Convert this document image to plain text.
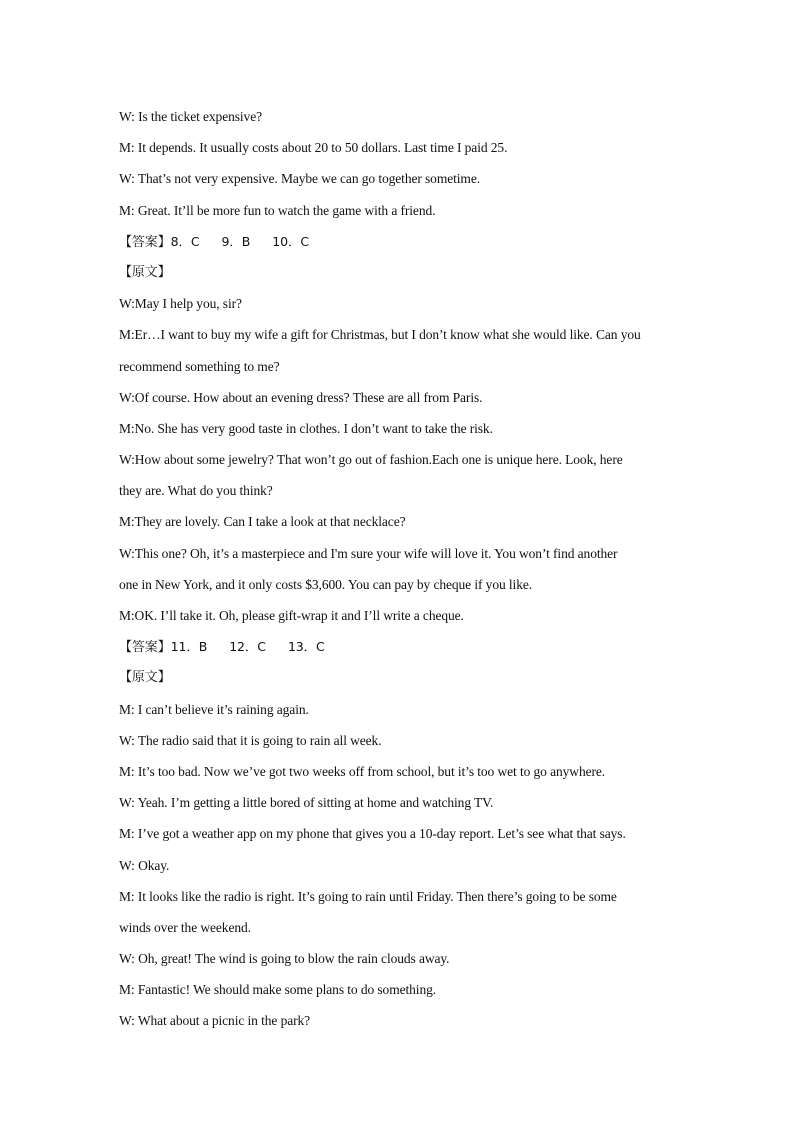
W: Is the ticket expensive?
M: It depends. It usually costs about 20 to 50 dollars. Last time I paid 25.
W: That’s not very expensive. Maybe we can go together sometime.
M: Great. It’ll be more fun to watch the game with a friend.
【答案】8．C 9．B 10．C
【原文】
W:May I help you, sir?
M:Er…I want to buy my wife a gift for Christmas, but I don’t know what she would like. Can you
recommend something to me?
W:Of course. How about an evening dress? These are all from Paris.
M:No. She has very good taste in clothes. I don’t want to take the risk.
W:How about some jewelry? That won’t go out of fashion.Each one is unique here. Look, here
they are. What do you think?
M:They are lovely. Can I take a look at that necklace?
W:This one? Oh, it’s a masterpiece and I'm sure your wife will love it. You won’t find another
one in New York, and it only costs $3,600. You can pay by cheque if you like.
M:OK. I’ll take it. Oh, please gift-wrap it and I’ll write a cheque.
【答案】11．B 12．C 13．C
【原文】
M: I can’t believe it’s raining again.
W: The radio said that it is going to rain all week.
M: It’s too bad. Now we’ve got two weeks off from school, but it’s too wet to go anywhere.
W: Yeah. I’m getting a little bored of sitting at home and watching TV.
M: I’ve got a weather app on my phone that gives you a 10-day report. Let’s see what that says.
W: Okay.
M: It looks like the radio is right. It’s going to rain until Friday. Then there’s going to be some
winds over the weekend.
W: Oh, great! The wind is going to blow the rain clouds away.
M: Fantastic! We should make some plans to do something.
W: What about a picnic in the park?
